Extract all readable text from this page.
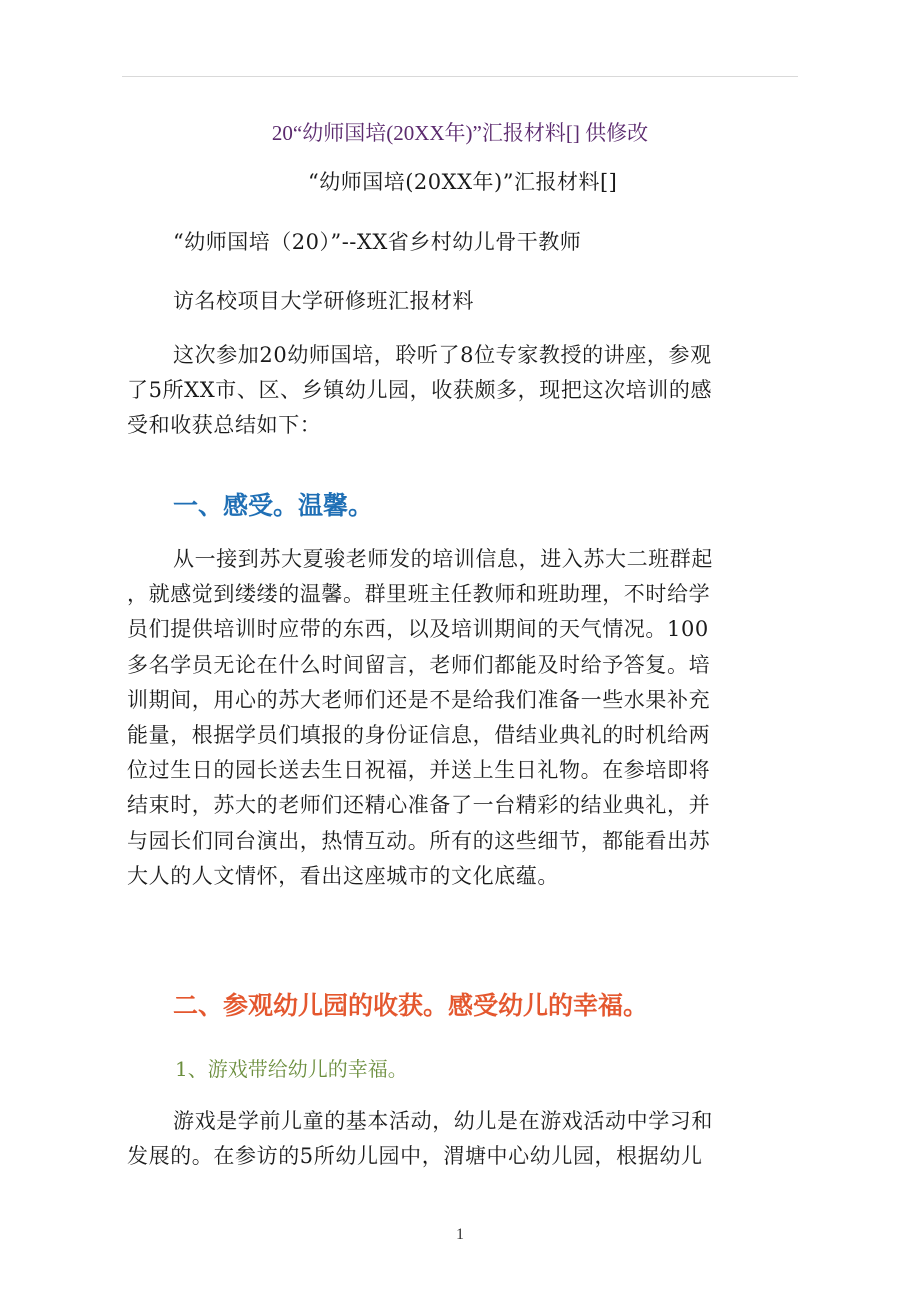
20“幼师国培(20XX年)”汇报材料[] 供修改
“幼师国培(20XX年)”汇报材料[]
“幼师国培（20）”--XX省乡村幼儿骨干教师
访名校项目大学研修班汇报材料
这次参加20幼师国培，聆听了8位专家教授的讲座，参观
了5所XX市、区、乡镇幼儿园，收获颇多，现把这次培训的感
受和收获总结如下：
一、感受。温馨。
从一接到苏大夏骏老师发的培训信息，进入苏大二班群起
，就感觉到缕缕的温馨。群里班主任教师和班助理，不时给学
员们提供培训时应带的东西，以及培训期间的天气情况。100
多名学员无论在什么时间留言，老师们都能及时给予答复。培
训期间，用心的苏大老师们还是不是给我们准备一些水果补充
能量，根据学员们填报的身份证信息，借结业典礼的时机给两
位过生日的园长送去生日祝福，并送上生日礼物。在参培即将
结束时，苏大的老师们还精心准备了一台精彩的结业典礼，并
与园长们同台演出，热情互动。所有的这些细节，都能看出苏
大人的人文情怀，看出这座城市的文化底蕴。
二、参观幼儿园的收获。感受幼儿的幸福。
1、游戏带给幼儿的幸福。
游戏是学前儿童的基本活动，幼儿是在游戏活动中学习和
发展的。在参访的5所幼儿园中，渭塘中心幼儿园，根据幼儿
1
